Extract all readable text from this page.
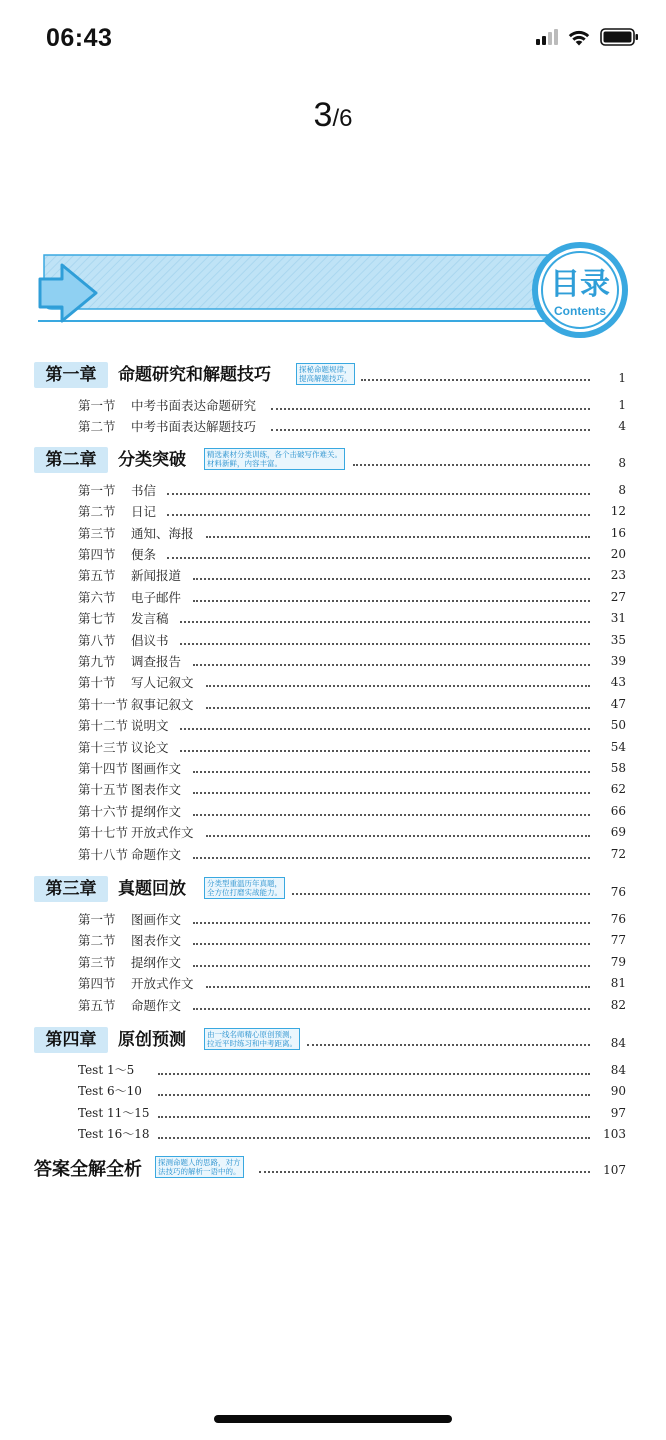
06:43
3/6
目录
Contents
第一章	命题研究和解题技巧	探秘命题规律，
提高解题技巧。	1
第一节 中考书面表达命题研究	1
第二节 中考书面表达解题技巧	4
第二章	分类突破	精选素材分类训练，各个击破写作难关。
材料新鲜，内容丰富。	8
第一节 书信	8
第二节 日记	12
第三节 通知、海报	16
第四节 便条	20
第五节 新闻报道	23
第六节 电子邮件	27
第七节 发言稿	31
第八节 倡议书	35
第九节 调查报告	39
第十节 写人记叙文	43
第十一节 叙事记叙文	47
第十二节 说明文	50
第十三节 议论文	54
第十四节 图画作文	58
第十五节 图表作文	62
第十六节 提纲作文	66
第十七节 开放式作文	69
第十八节 命题作文	72
第三章	真题回放	分类型重温历年真题，
全方位打磨实战能力。	76
第一节 图画作文	76
第二节 图表作文	77
第三节 提纲作文	79
第四节 开放式作文	81
第五节 命题作文	82
第四章	原创预测	由一线名师精心原创预测，
拉近平时练习和中考距离。	84
Test 1～5	84
Test 6～10	90
Test 11～15	97
Test 16～18	103
答案全解全析 探测命题人的思路，对方
法技巧的解析一语中的。	107
